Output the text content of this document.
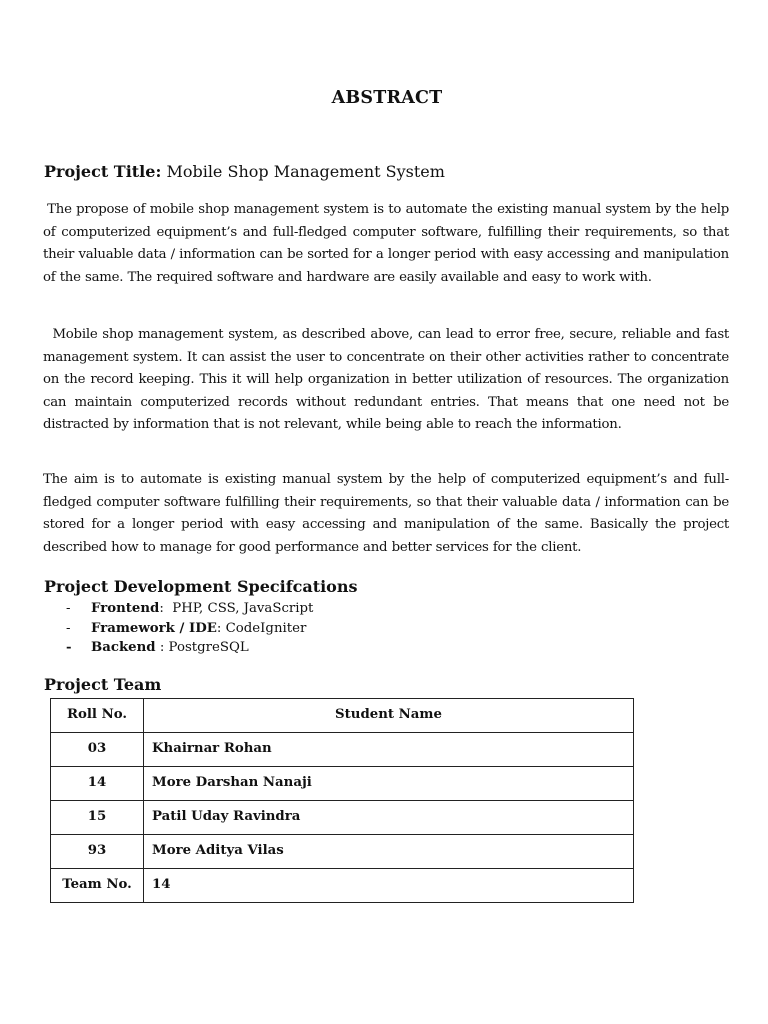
ABSTRACT
Project Title: Mobile Shop Management System

The propose of mobile shop management system is to automate the existing manual system by the help of computerized equipment’s and full-fledged computer software, fulfilling their requirements, so that their valuable data / information can be sorted for a longer period with easy accessing and manipulation of the same. The required software and hardware are easily available and easy to work with.

Mobile shop management system, as described above, can lead to error free, secure, reliable and fast management system. It can assist the user to concentrate on their other activities rather to concentrate on the record keeping. This it will help organization in better utilization of resources. The organization can maintain computerized records without redundant entries. That means that one need not be distracted by information that is not relevant, while being able to reach the information.

The aim is to automate is existing manual system by the help of computerized equipment’s and full-fledged computer software fulfilling their requirements, so that their valuable data / information can be stored for a longer period with easy accessing and manipulation of the same. Basically the project described how to manage for good performance and better services for the client.

Project Development Specifcations
- Frontend:  PHP, CSS, JavaScript
- Framework / IDE: CodeIgniter
- Backend : PostgreSQL
Project Team
Roll No.	Student Name
03	Khairnar Rohan
14	More Darshan Nanaji
15	Patil Uday Ravindra
93	More Aditya Vilas
Team No.	14
